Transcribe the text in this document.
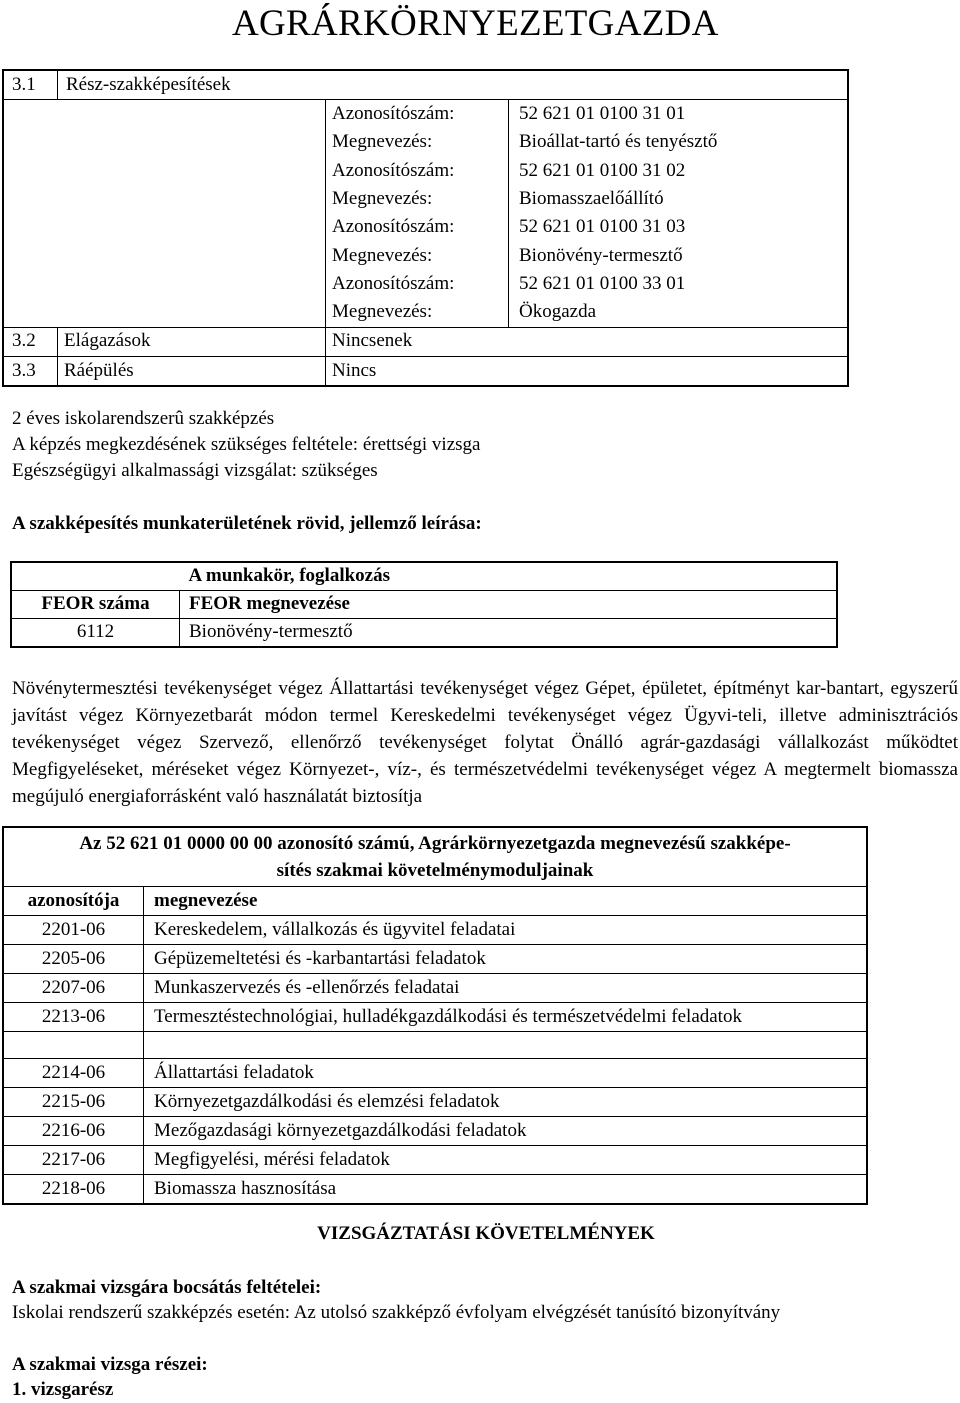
AGRÁRKÖRNYEZETGAZDA
3.1	Rész-szakképesítések		
		Azonosítószám:	52 621 01 0100 31 01
		Megnevezés:	Bioállat-tartó és tenyésztő
		Azonosítószám:	52 621 01 0100 31 02
		Megnevezés:	Biomasszaelőállító
		Azonosítószám:	52 621 01 0100 31 03
		Megnevezés:	Bionövény-termesztő
		Azonosítószám:	52 621 01 0100 33 01
		Megnevezés:	Ökogazda
3.2	Elágazások	Nincsenek	
3.3	Ráépülés	Nincs	
2 éves iskolarendszerû szakképzés
A képzés megkezdésének szükséges feltétele: érettségi vizsga
Egészségügyi alkalmassági vizsgálat: szükséges
A szakképesítés munkaterületének rövid, jellemző leírása:
	A munkakör, foglalkozás
FEOR száma	FEOR megnevezése
6112	Bionövény-termesztő
Növénytermesztési tevékenységet végez Állattartási tevékenységet végez Gépet, épületet, építményt kar-bantart, egyszerű javítást végez Környezetbarát módon termel Kereskedelmi tevékenységet végez Ügyvi-teli, illetve adminisztrációs tevékenységet végez Szervező, ellenőrző tevékenységet folytat Önálló agrár-gazdasági vállalkozást működtet Megfigyeléseket, méréseket végez Környezet-, víz-, és természetvédelmi tevékenységet végez A megtermelt biomassza megújuló energiaforrásként való használatát biztosítja
Az 52 621 01 0000 00 00 azonosító számú, Agrárkörnyezetgazda megnevezésű szakképe-sítés szakmai követelménymoduljainak	
azonosítója	megnevezése
2201-06	Kereskedelem, vállalkozás és ügyvitel feladatai
2205-06	Gépüzemeltetési és -karbantartási feladatok
2207-06	Munkaszervezés és -ellenőrzés feladatai
2213-06	Termesztéstechnológiai, hulladékgazdálkodási és természetvédelmi feladatok

2214-06	Állattartási feladatok
2215-06	Környezetgazdálkodási és elemzési feladatok
2216-06	Mezőgazdasági környezetgazdálkodási feladatok
2217-06	Megfigyelési, mérési feladatok
2218-06	Biomassza hasznosítása
VIZSGÁZTATÁSI KÖVETELMÉNYEK
A szakmai vizsgára bocsátás feltételei:
Iskolai rendszerű szakképzés esetén: Az utolsó szakképző évfolyam elvégzését tanúsító bizonyítvány
A szakmai vizsga részei:
1. vizsgarész
